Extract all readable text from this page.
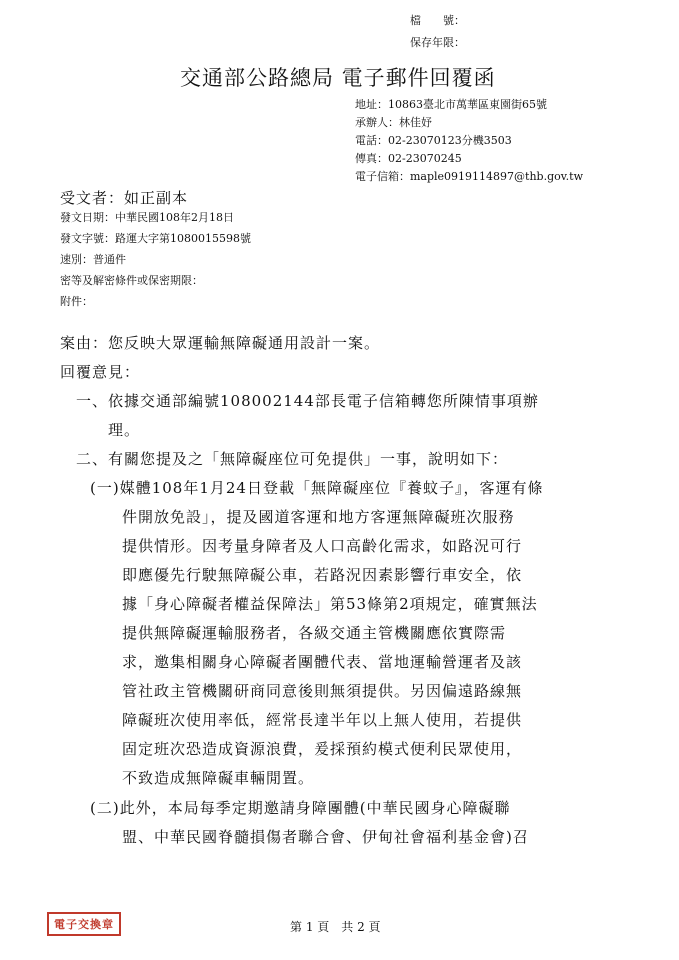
檔　　號：
保存年限：
交通部公路總局 電子郵件回覆函
地址：10863臺北市萬華區東園街65號
承辦人：林佳妤
電話：02-23070123分機3503
傳真：02-23070245
電子信箱：maple0919114897@thb.gov.tw
受文者：如正副本
發文日期：中華民國108年2月18日
發文字號：路運大字第1080015598號
速別：普通件
密等及解密條件或保密期限：
附件：
案由：您反映大眾運輸無障礙通用設計一案。
回覆意見：
一、依據交通部編號108002144部長電子信箱轉您所陳情事項辦
理。
二、有關您提及之「無障礙座位可免提供」一事，說明如下：
(一)媒體108年1月24日登載「無障礙座位『養蚊子』，客運有條
件開放免設」，提及國道客運和地方客運無障礙班次服務
提供情形。因考量身障者及人口高齡化需求，如路況可行
即應優先行駛無障礙公車，若路況因素影響行車安全，依
據「身心障礙者權益保障法」第53條第2項規定，確實無法
提供無障礙運輸服務者，各級交通主管機關應依實際需
求，邀集相關身心障礙者團體代表、當地運輸營運者及該
管社政主管機關研商同意後則無須提供。另因偏遠路線無
障礙班次使用率低，經常長達半年以上無人使用，若提供
固定班次恐造成資源浪費，爰採預約模式便利民眾使用，
不致造成無障礙車輛閒置。
(二)此外，本局每季定期邀請身障團體(中華民國身心障礙聯
盟、中華民國脊髓損傷者聯合會、伊甸社會福利基金會)召
電子交換章	第 1 頁　共 2 頁
